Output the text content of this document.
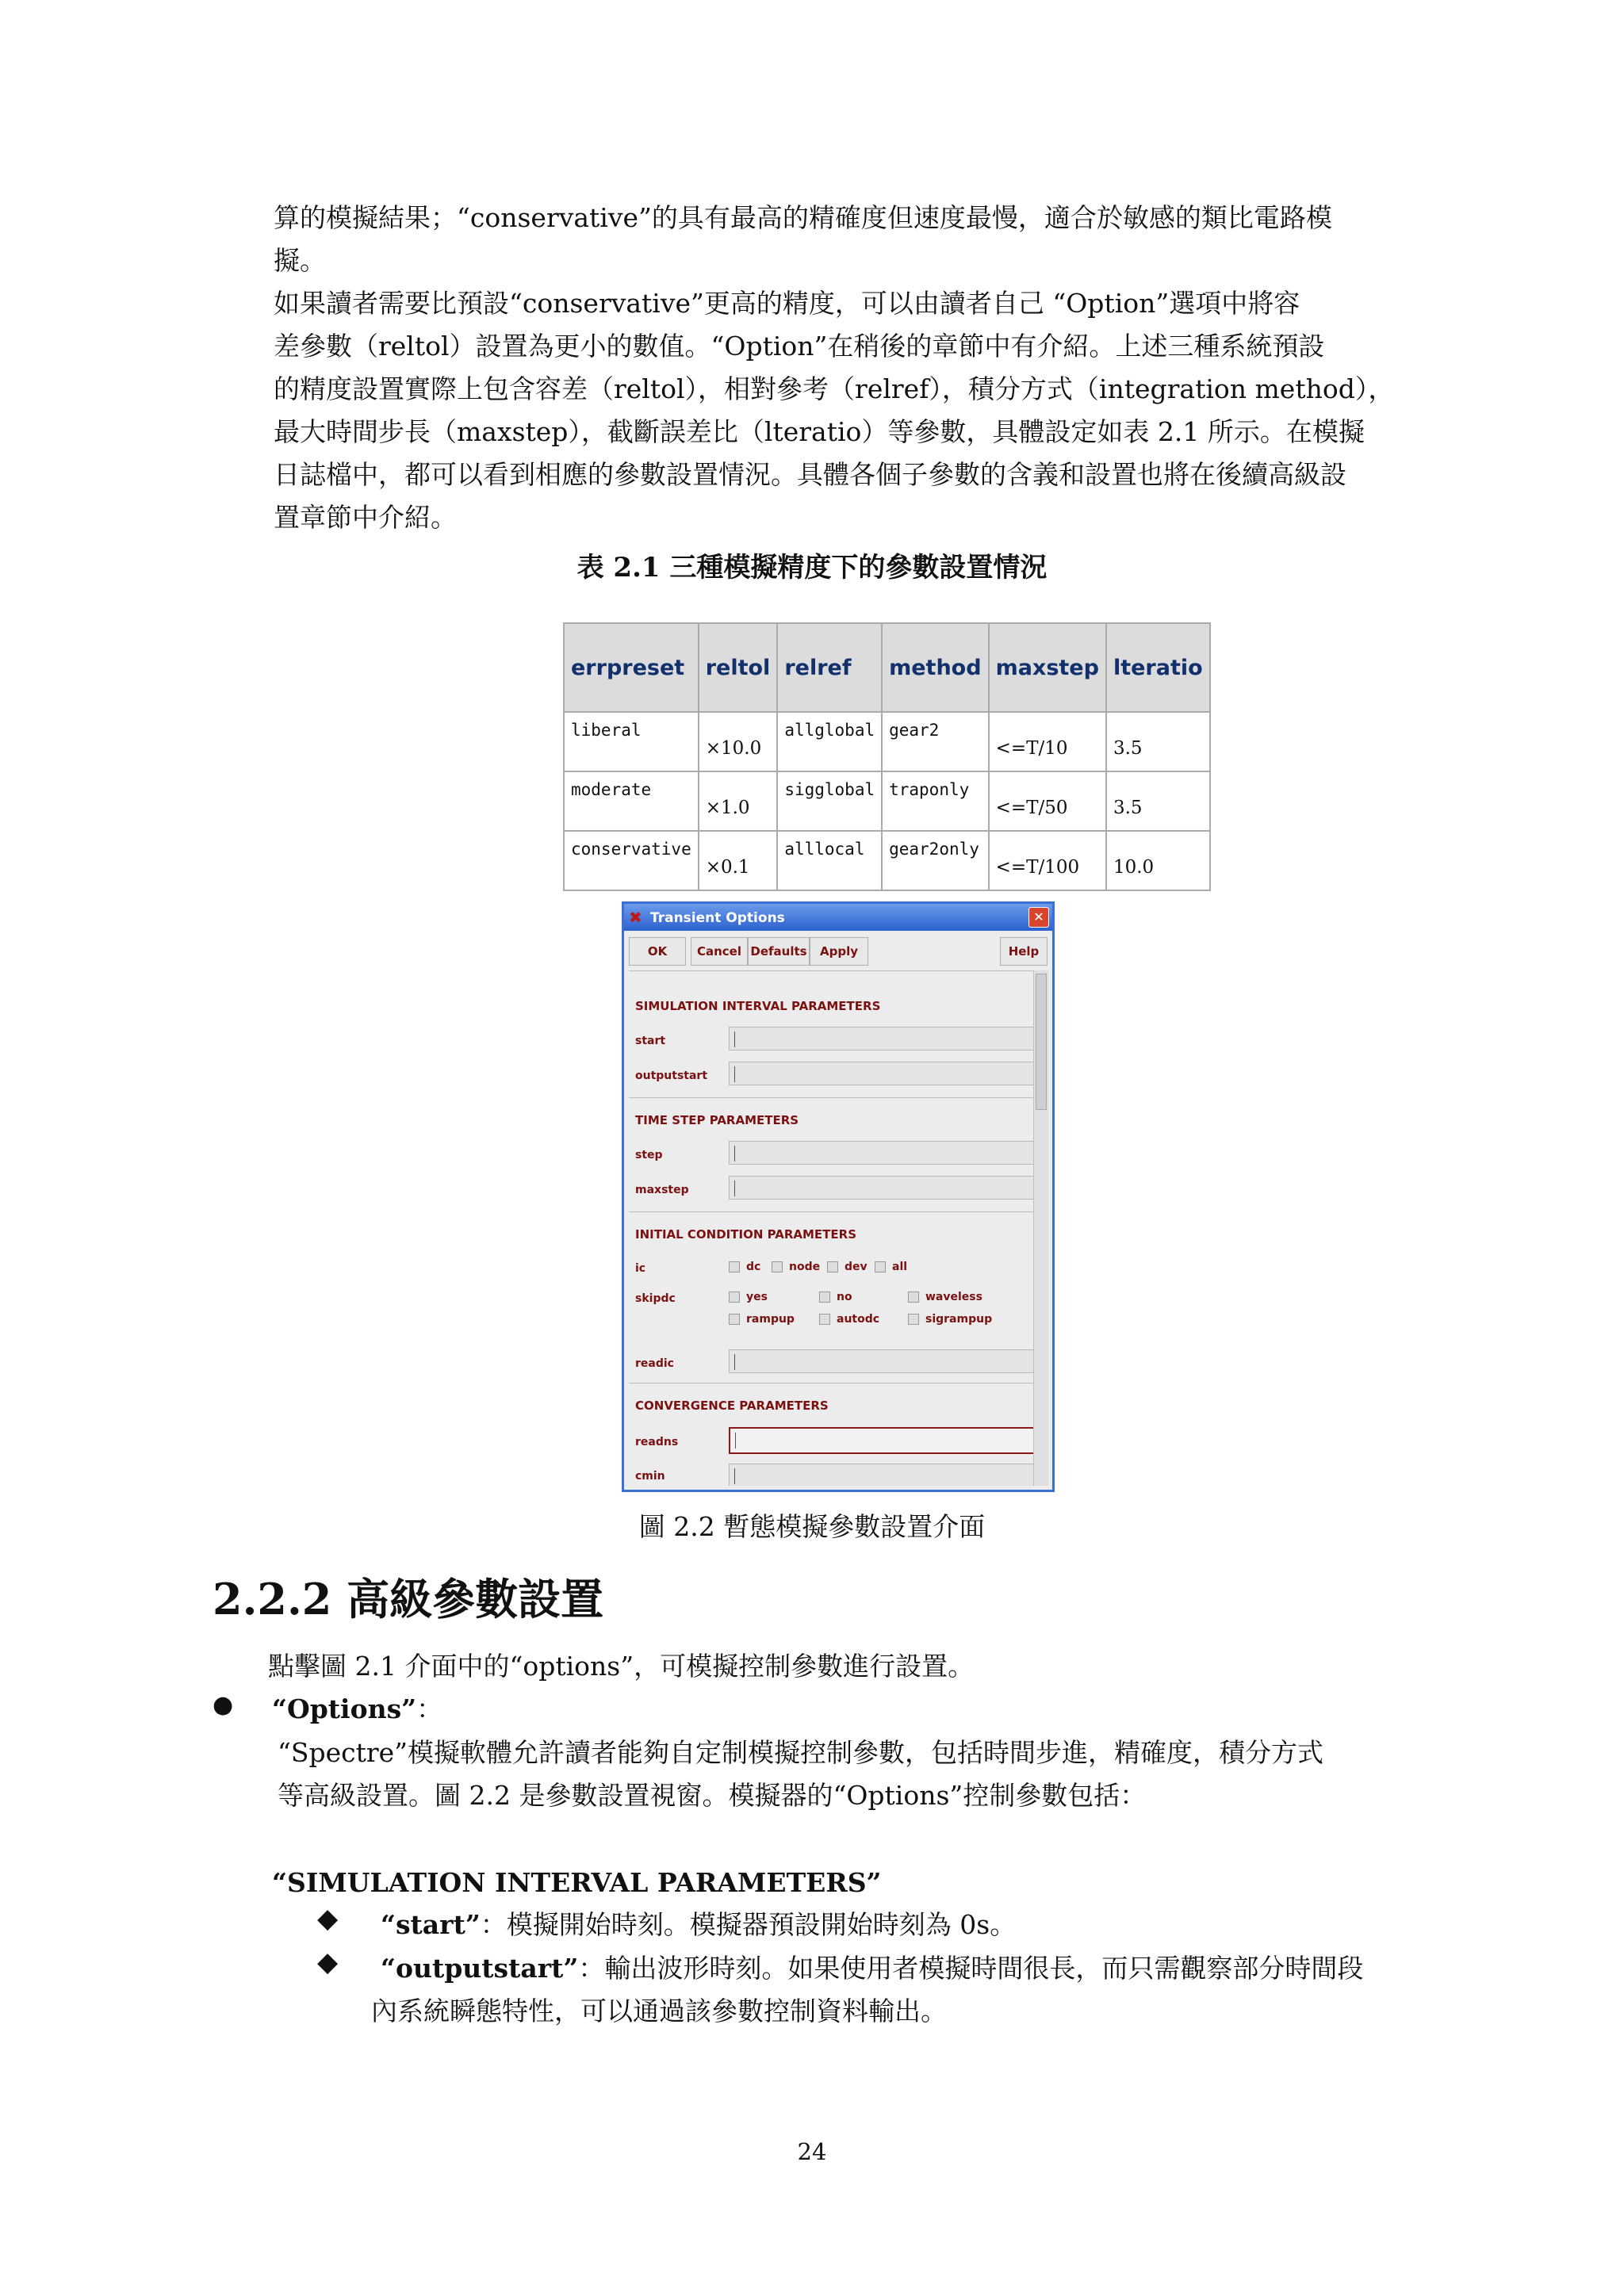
算的模擬結果；“conservative”的具有最高的精確度但速度最慢，適合於敏感的類比電路模

擬。

如果讀者需要比預設“conservative”更高的精度，可以由讀者自己 “Option”選項中將容

差參數（reltol）設置為更小的數值。“Option”在稍後的章節中有介紹。上述三種系統預設

的精度設置實際上包含容差（reltol），相對參考（relref），積分方式（integration method），

最大時間步長（maxstep），截斷誤差比（lteratio）等參數，具體設定如表 2.1 所示。在模擬

日誌檔中，都可以看到相應的參數設置情況。具體各個子參數的含義和設置也將在後續高級設

置章節中介紹。

表 2.1 三種模擬精度下的參數設置情況
errpreset	reltol	relref	method	maxstep	lteratio
liberal	×10.0	allglobal	gear2	<=T/10	3.5
moderate	×1.0	sigglobal	traponly	<=T/50	3.5
conservative	×0.1	alllocal	gear2only	<=T/100	10.0
✖ Transient Options	✕
OK	Cancel Defaults	Apply	Help
SIMULATION INTERVAL PARAMETERS
start
outputstart
TIME STEP PARAMETERS
step
maxstep
INITIAL CONDITION PARAMETERS
ic	dc	node	dev	all
skipdc	yes	no	waveless
rampup	autodc	sigrampup
readic
CONVERGENCE PARAMETERS
readns
cmin
圖 2.2 暫態模擬參數設置介面
2.2.2 高級參數設置

點擊圖 2.1 介面中的“options”，可模擬控制參數進行設置。

● “Options”：

“Spectre”模擬軟體允許讀者能夠自定制模擬控制參數，包括時間步進，精確度，積分方式

等高級設置。圖 2.2 是參數設置視窗。模擬器的“Options”控制參數包括：

“SIMULATION INTERVAL PARAMETERS”
◆ “start”：模擬開始時刻。模擬器預設開始時刻為 0s。

◆ “outputstart”：輸出波形時刻。如果使用者模擬時間很長，而只需觀察部分時間段

內系統瞬態特性，可以通過該參數控制資料輸出。

24
